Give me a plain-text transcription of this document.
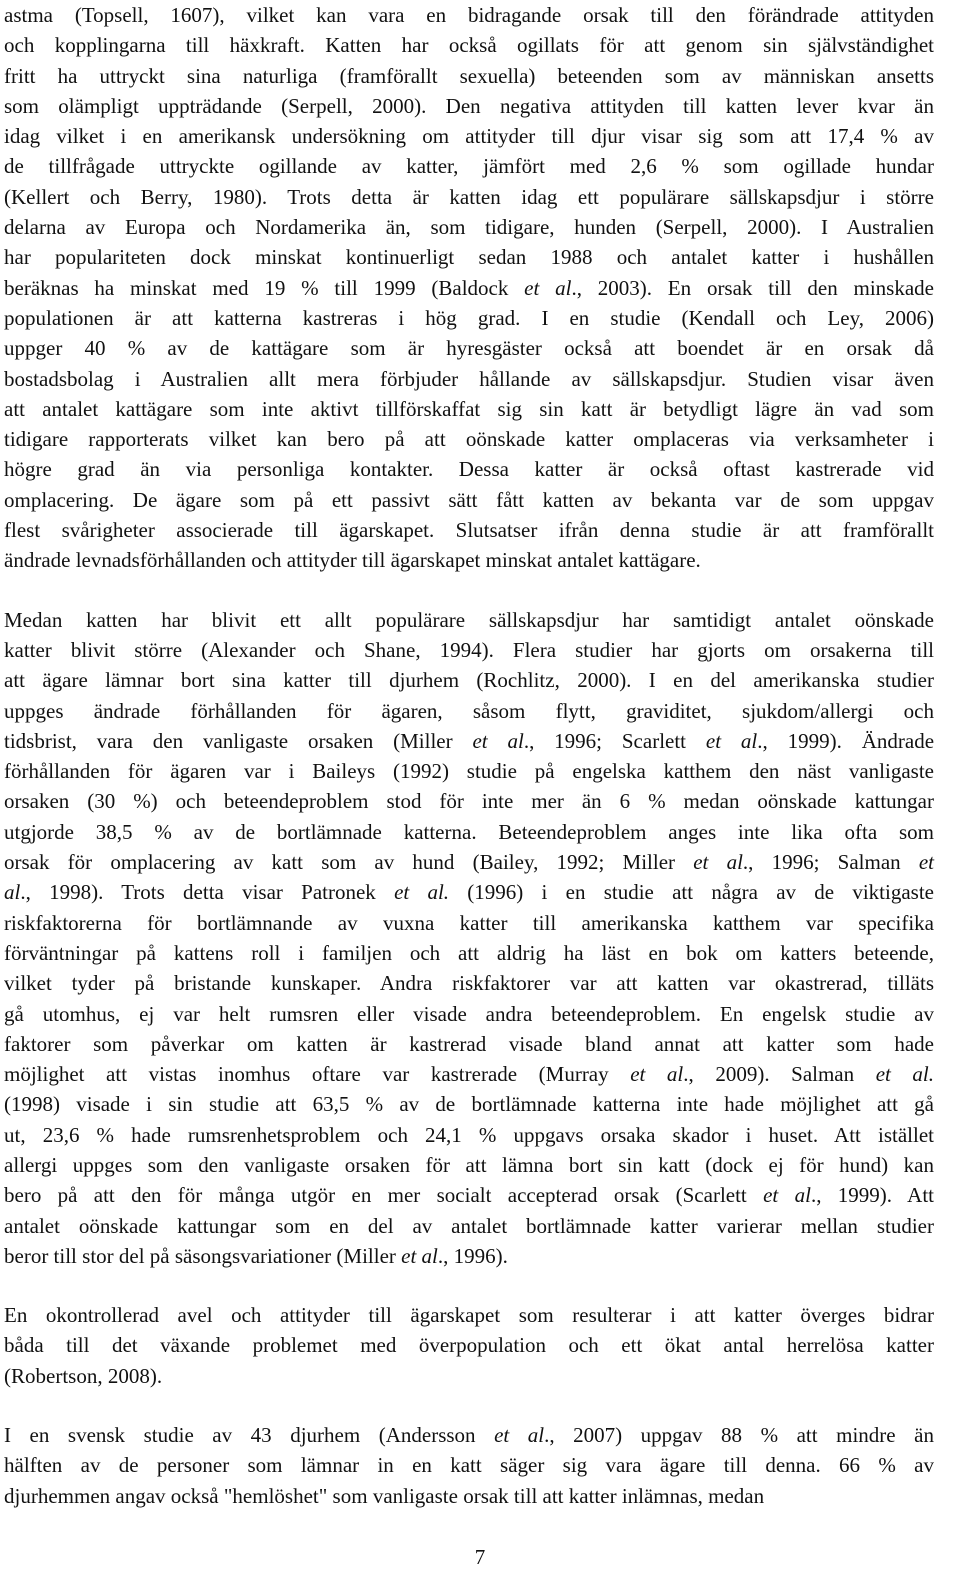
astma (Topsell, 1607), vilket kan vara en bidragande orsak till den förändrade attityden
och kopplingarna till häxkraft. Katten har också ogillats för att genom sin självständighet
fritt ha uttryckt sina naturliga (framförallt sexuella) beteenden som av människan ansetts
som olämpligt uppträdande (Serpell, 2000). Den negativa attityden till katten lever kvar än
idag vilket i en amerikansk undersökning om attityder till djur visar sig som att 17,4 % av
de tillfrågade uttryckte ogillande av katter, jämfört med 2,6 % som ogillade hundar
(Kellert och Berry, 1980). Trots detta är katten idag ett populärare sällskapsdjur i större
delarna av Europa och Nordamerika än, som tidigare, hunden (Serpell, 2000). I Australien
har populariteten dock minskat kontinuerligt sedan 1988 och antalet katter i hushållen
beräknas ha minskat med 19 % till 1999 (Baldock et al., 2003). En orsak till den minskade
populationen är att katterna kastreras i hög grad. I en studie (Kendall och Ley, 2006)
uppger 40 % av de kattägare som är hyresgäster också att boendet är en orsak då
bostadsbolag i Australien allt mera förbjuder hållande av sällskapsdjur. Studien visar även
att antalet kattägare som inte aktivt tillförskaffat sig sin katt är betydligt lägre än vad som
tidigare rapporterats vilket kan bero på att oönskade katter omplaceras via verksamheter i
högre grad än via personliga kontakter. Dessa katter är också oftast kastrerade vid
omplacering. De ägare som på ett passivt sätt fått katten av bekanta var de som uppgav
flest svårigheter associerade till ägarskapet. Slutsatser ifrån denna studie är att framförallt
ändrade levnadsförhållanden och attityder till ägarskapet minskat antalet kattägare.
Medan katten har blivit ett allt populärare sällskapsdjur har samtidigt antalet oönskade
katter blivit större (Alexander och Shane, 1994). Flera studier har gjorts om orsakerna till
att ägare lämnar bort sina katter till djurhem (Rochlitz, 2000). I en del amerikanska studier
uppges ändrade förhållanden för ägaren, såsom flytt, graviditet, sjukdom/allergi och
tidsbrist, vara den vanligaste orsaken (Miller et al., 1996; Scarlett et al., 1999). Ändrade
förhållanden för ägaren var i Baileys (1992) studie på engelska katthem den näst vanligaste
orsaken (30 %) och beteendeproblem stod för inte mer än 6 % medan oönskade kattungar
utgjorde 38,5 % av de bortlämnade katterna. Beteendeproblem anges inte lika ofta som
orsak för omplacering av katt som av hund (Bailey, 1992; Miller et al., 1996; Salman et
al., 1998). Trots detta visar Patronek et al. (1996) i en studie att några av de viktigaste
riskfaktorerna för bortlämnande av vuxna katter till amerikanska katthem var specifika
förväntningar på kattens roll i familjen och att aldrig ha läst en bok om katters beteende,
vilket tyder på bristande kunskaper. Andra riskfaktorer var att katten var okastrerad, tilläts
gå utomhus, ej var helt rumsren eller visade andra beteendeproblem. En engelsk studie av
faktorer som påverkar om katten är kastrerad visade bland annat att katter som hade
möjlighet att vistas inomhus oftare var kastrerade (Murray et al., 2009). Salman et al.
(1998) visade i sin studie att 63,5 % av de bortlämnade katterna inte hade möjlighet att gå
ut, 23,6 % hade rumsrenhetsproblem och 24,1 % uppgavs orsaka skador i huset. Att istället
allergi uppges som den vanligaste orsaken för att lämna bort sin katt (dock ej för hund) kan
bero på att den för många utgör en mer socialt accepterad orsak (Scarlett et al., 1999). Att
antalet oönskade kattungar som en del av antalet bortlämnade katter varierar mellan studier
beror till stor del på säsongsvariationer (Miller et al., 1996).
En okontrollerad avel och attityder till ägarskapet som resulterar i att katter överges bidrar
båda till det växande problemet med överpopulation och ett ökat antal herrelösa katter
(Robertson, 2008).
I en svensk studie av 43 djurhem (Andersson et al., 2007) uppgav 88 % att mindre än
hälften av de personer som lämnar in en katt säger sig vara ägare till denna. 66 % av
djurhemmen angav också "hemlöshet" som vanligaste orsak till att katter inlämnas, medan
7
